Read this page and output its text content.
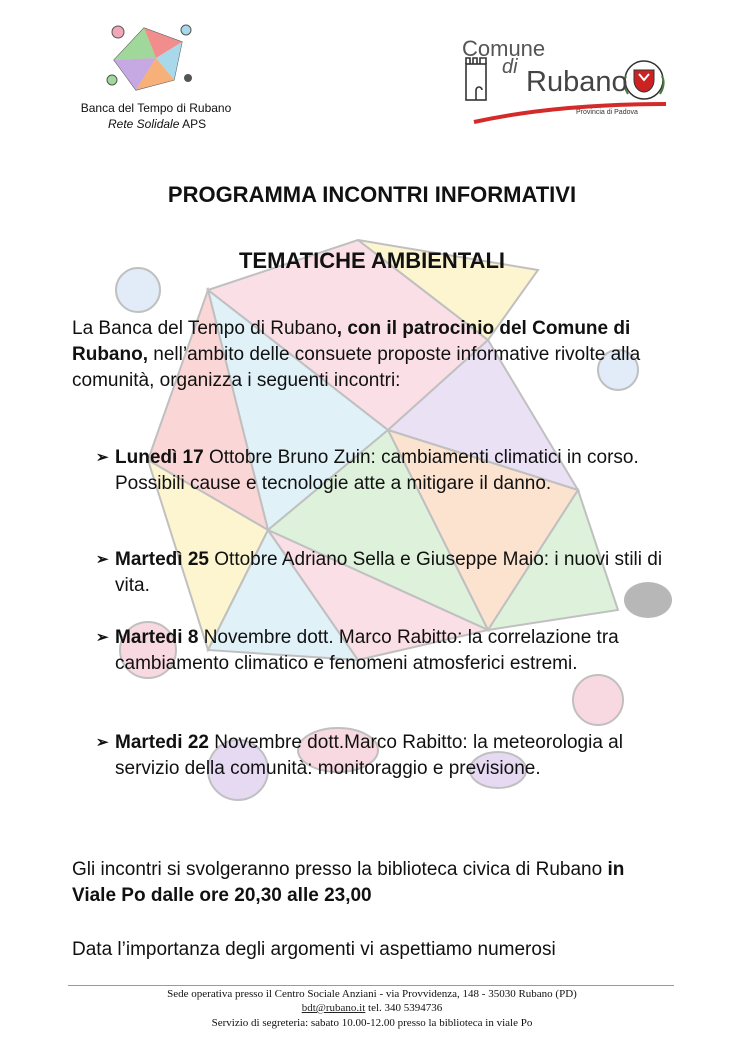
Banca del Tempo di Rubano
Rete Solidale APS
Comune
di Rubano
Provincia di Padova
PROGRAMMA INCONTRI INFORMATIVI
TEMATICHE AMBIENTALI
La Banca del Tempo di Rubano, con il patrocinio del Comune di Rubano, nell’ambito delle consuete proposte informative rivolte alla comunità, organizza i seguenti incontri:
➢ Lunedì 17 Ottobre Bruno Zuin: cambiamenti climatici in corso. Possibili cause e tecnologie atte a mitigare il danno.
➢ Martedì 25 Ottobre Adriano Sella e Giuseppe Maio: i nuovi stili di vita.
➢ Martedi 8 Novembre dott. Marco Rabitto: la correlazione tra cambiamento climatico e fenomeni atmosferici estremi.
➢ Martedi 22 Novembre dott.Marco Rabitto: la meteorologia al servizio della comunità: monitoraggio e previsione.
Gli incontri si svolgeranno presso la biblioteca civica di Rubano in Viale Po dalle ore 20,30 alle 23,00
Data l’importanza degli argomenti vi aspettiamo numerosi
Sede operativa presso il Centro Sociale Anziani - via Provvidenza, 148 - 35030 Rubano (PD)
bdt@rubano.it tel. 340 5394736
Servizio di segreteria: sabato 10.00-12.00 presso la biblioteca in viale Po
